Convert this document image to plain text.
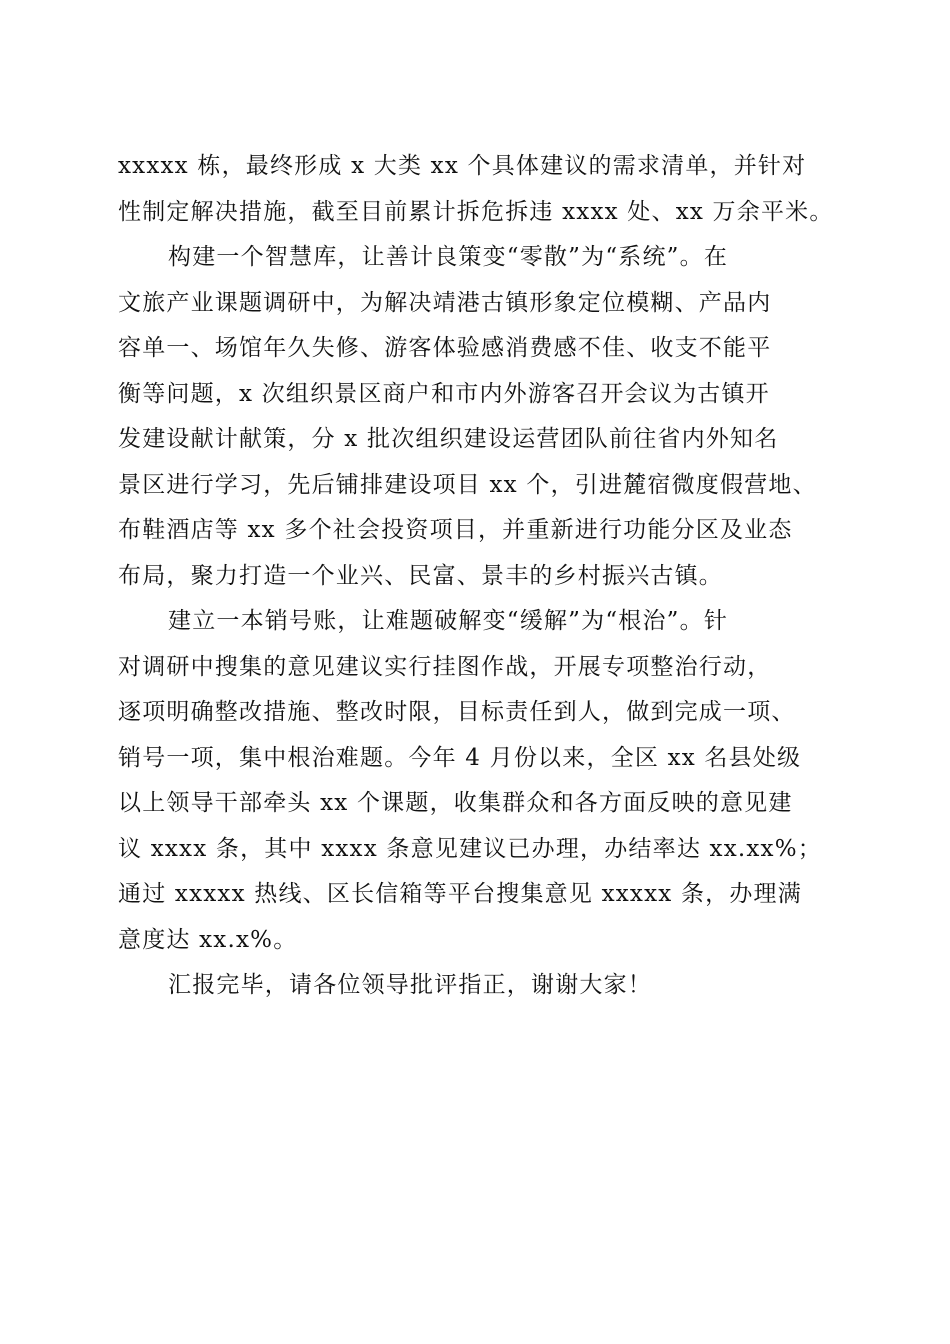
xxxxx 栋，最终形成 x 大类 xx 个具体建议的需求清单，并针对
性制定解决措施，截至目前累计拆危拆违 xxxx 处、xx 万余平米。
构建一个智慧库，让善计良策变“零散”为“系统”。在
文旅产业课题调研中，为解决靖港古镇形象定位模糊、产品内
容单一、场馆年久失修、游客体验感消费感不佳、收支不能平
衡等问题，x 次组织景区商户和市内外游客召开会议为古镇开
发建设献计献策，分 x 批次组织建设运营团队前往省内外知名
景区进行学习，先后铺排建设项目 xx 个，引进麓宿微度假营地、
布鞋酒店等 xx 多个社会投资项目，并重新进行功能分区及业态
布局，聚力打造一个业兴、民富、景丰的乡村振兴古镇。
建立一本销号账，让难题破解变“缓解”为“根治”。针
对调研中搜集的意见建议实行挂图作战，开展专项整治行动，
逐项明确整改措施、整改时限，目标责任到人，做到完成一项、
销号一项，集中根治难题。今年 4 月份以来，全区 xx 名县处级
以上领导干部牵头 xx 个课题，收集群众和各方面反映的意见建
议 xxxx 条，其中 xxxx 条意见建议已办理，办结率达 xx.xx%；
通过 xxxxx 热线、区长信箱等平台搜集意见 xxxxx 条，办理满
意度达 xx.x%。
汇报完毕，请各位领导批评指正，谢谢大家！
